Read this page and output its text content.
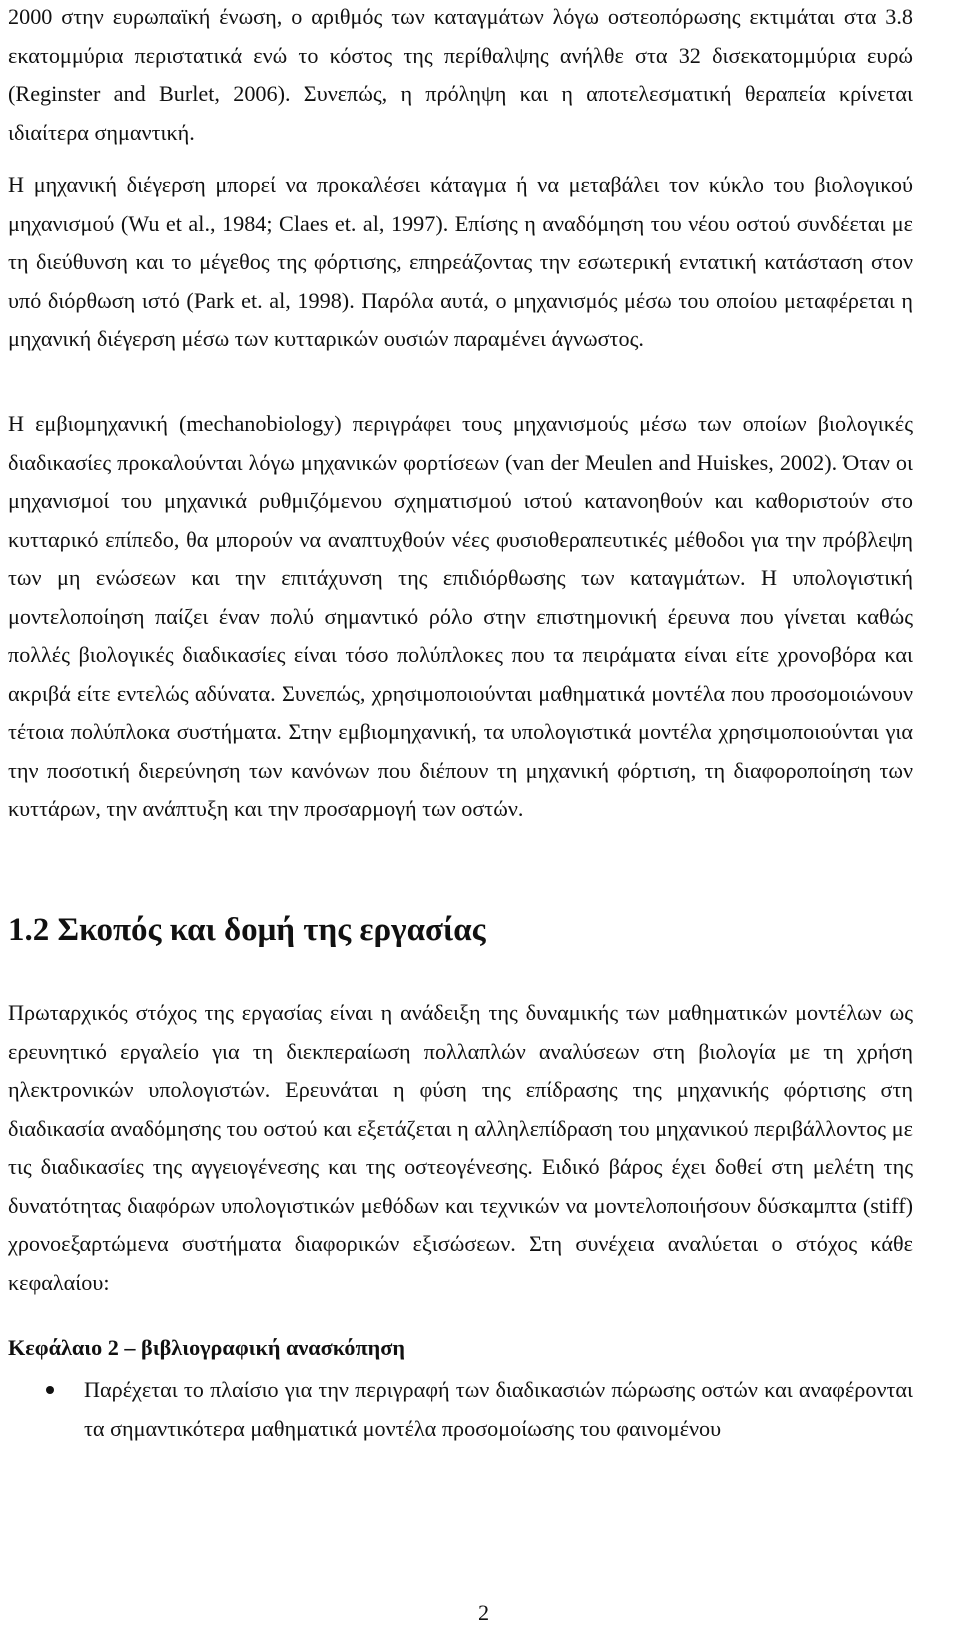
2000 στην ευρωπαϊκή ένωση, ο αριθμός των καταγμάτων λόγω οστεοπόρωσης εκτιμάται στα 3.8 εκατομμύρια περιστατικά ενώ το κόστος της περίθαλψης ανήλθε στα 32 δισεκατομμύρια ευρώ (Reginster and Burlet, 2006). Συνεπώς, η πρόληψη και η αποτελεσματική θεραπεία κρίνεται ιδιαίτερα σημαντική.

Η μηχανική διέγερση μπορεί να προκαλέσει κάταγμα ή να μεταβάλει τον κύκλο του βιολογικού μηχανισμού (Wu et al., 1984; Claes et. al, 1997). Επίσης η αναδόμηση του νέου οστού συνδέεται με τη διεύθυνση και το μέγεθος της φόρτισης, επηρεάζοντας την εσωτερική εντατική κατάσταση στον υπό διόρθωση ιστό (Park et. al, 1998). Παρόλα αυτά, ο μηχανισμός μέσω του οποίου μεταφέρεται η μηχανική διέγερση μέσω των κυτταρικών ουσιών παραμένει άγνωστος.

Η εμβιομηχανική (mechanobiology) περιγράφει τους μηχανισμούς μέσω των οποίων βιολογικές διαδικασίες προκαλούνται λόγω μηχανικών φορτίσεων (van der Meulen and Huiskes, 2002). Όταν οι μηχανισμοί του μηχανικά ρυθμιζόμενου σχηματισμού ιστού κατανοηθούν και καθοριστούν στο κυτταρικό επίπεδο, θα μπορούν να αναπτυχθούν νέες φυσιοθεραπευτικές μέθοδοι για την πρόβλεψη των μη ενώσεων και την επιτάχυνση της επιδιόρθωσης των καταγμάτων. Η υπολογιστική μοντελοποίηση παίζει έναν πολύ σημαντικό ρόλο στην επιστημονική έρευνα που γίνεται καθώς πολλές βιολογικές διαδικασίες είναι τόσο πολύπλοκες που τα πειράματα είναι είτε χρονοβόρα και ακριβά είτε εντελώς αδύνατα. Συνεπώς, χρησιμοποιούνται μαθηματικά μοντέλα που προσομοιώνουν τέτοια πολύπλοκα συστήματα. Στην εμβιομηχανική, τα υπολογιστικά μοντέλα χρησιμοποιούνται για την ποσοτική διερεύνηση των κανόνων που διέπουν τη μηχανική φόρτιση, τη διαφοροποίηση των κυττάρων, την ανάπτυξη και την προσαρμογή των οστών.

1.2 Σκοπός και δομή της εργασίας

Πρωταρχικός στόχος της εργασίας είναι η ανάδειξη της δυναμικής των μαθηματικών μοντέλων ως ερευνητικό εργαλείο για τη διεκπεραίωση πολλαπλών αναλύσεων στη βιολογία με τη χρήση ηλεκτρονικών υπολογιστών. Ερευνάται η φύση της επίδρασης της μηχανικής φόρτισης στη διαδικασία αναδόμησης του οστού και εξετάζεται η αλληλεπίδραση του μηχανικού περιβάλλοντος με τις διαδικασίες της αγγειογένεσης και της οστεογένεσης. Ειδικό βάρος έχει δοθεί στη μελέτη της δυνατότητας διαφόρων υπολογιστικών μεθόδων και τεχνικών να μοντελοποιήσουν δύσκαμπτα (stiff) χρονοεξαρτώμενα συστήματα διαφορικών εξισώσεων. Στη συνέχεια αναλύεται ο στόχος κάθε κεφαλαίου:

Κεφάλαιο 2 – βιβλιογραφική ανασκόπηση
Παρέχεται το πλαίσιο για την περιγραφή των διαδικασιών πώρωσης οστών και αναφέρονται τα σημαντικότερα μαθηματικά μοντέλα προσομοίωσης του φαινομένου
2
